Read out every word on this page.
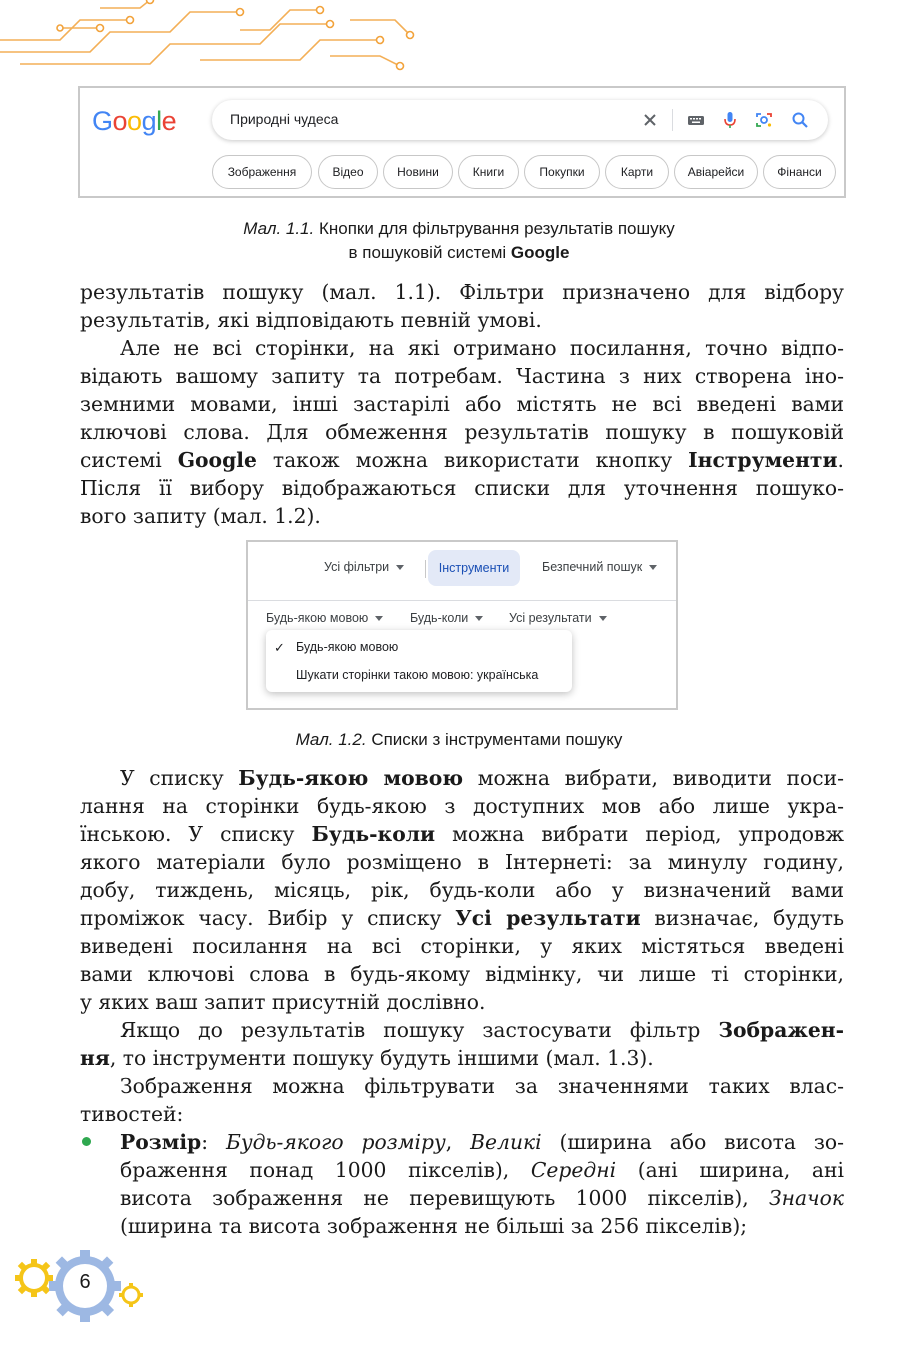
Google	Природні чудеса
Зображення	Відео	Новини	Книги	Покупки	Карти	Авіарейси	Фінанси
Мал. 1.1. Кнопки для фільтрування результатів пошуку
в пошуковій системі Google
результатів пошуку (мал. 1.1). Фільтри призначено для відбору
результатів, які відповідають певній умові.
Але не всі сторінки, на які отримано посилання, точно відпо-
відають вашому запиту та потребам. Частина з них створена іно-
земними мовами, інші застарілі або містять не всі введені вами
ключові слова. Для обмеження результатів пошуку в пошуковій
системі Google також можна використати кнопку Інструменти.
Після її вибору відображаються списки для уточнення пошуко-
вого запиту (мал. 1.2).
Усі фільтри	Інструменти	Безпечний пошук
Будь-якою мовою	Будь-коли	Усі результати
✓ Будь-якою мовою
Шукати сторінки такою мовою: українська
Мал. 1.2. Списки з інструментами пошуку
У списку Будь-якою мовою можна вибрати, виводити поси-
лання на сторінки будь-якою з доступних мов або лише укра-
їнською. У списку Будь-коли можна вибрати період, упродовж
якого матеріали було розміщено в Інтернеті: за минулу годину,
добу, тиждень, місяць, рік, будь-коли або у визначений вами
проміжок часу. Вибір у списку Усі результати визначає, будуть
виведені посилання на всі сторінки, у яких містяться введені
вами ключові слова в будь-якому відмінку, чи лише ті сторінки,
у яких ваш запит присутній дослівно.
Якщо до результатів пошуку застосувати фільтр Зображен-
ня, то інструменти пошуку будуть іншими (мал. 1.3).
Зображення можна фільтрувати за значеннями таких влас-
тивостей:
Розмір: Будь-якого розміру, Великі (ширина або висота зо-
браження понад 1000 пікселів), Середні (ані ширина, ані
висота зображення не перевищують 1000 пікселів), Значок
(ширина та висота зображення не більші за 256 пікселів);
6
